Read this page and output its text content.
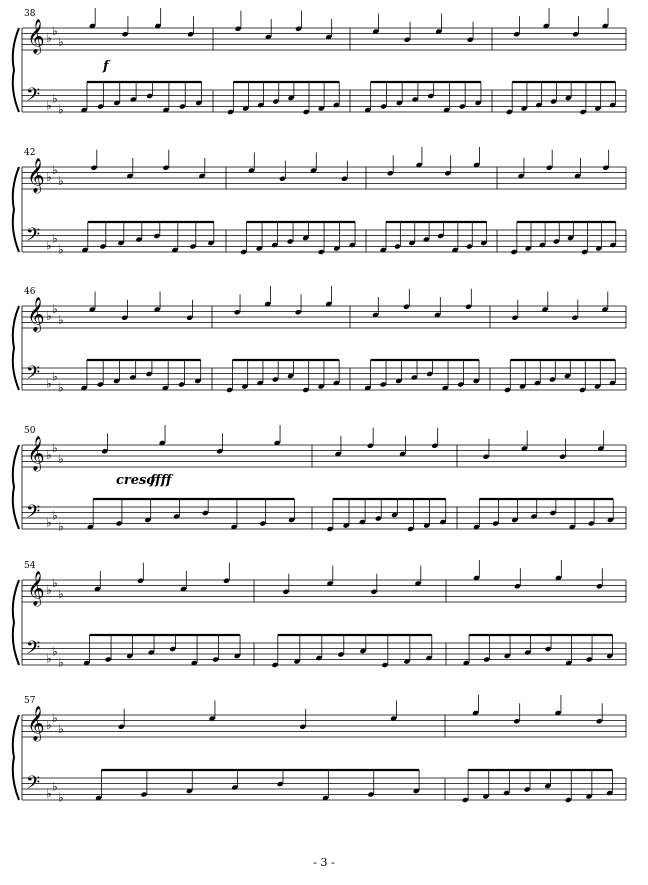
𝄞
𝄢
𝄞
𝄢
𝄞
𝄢
𝄞
𝄢
𝄞
𝄢
𝄞
𝄢
♭ ♭
♭
♭ ♭
♭
♭ ♭
♭
♭ ♭
♭
♭ ♭
♭
♭ ♭
♭
♭ ♭
♭
♭ ♭
♭
♭ ♭
♭
♭ ♭
♭
♭ ♭
♭
♭ ♭
♭
38
42
46
50
54
57
f
creso
ffff
- 3 -
